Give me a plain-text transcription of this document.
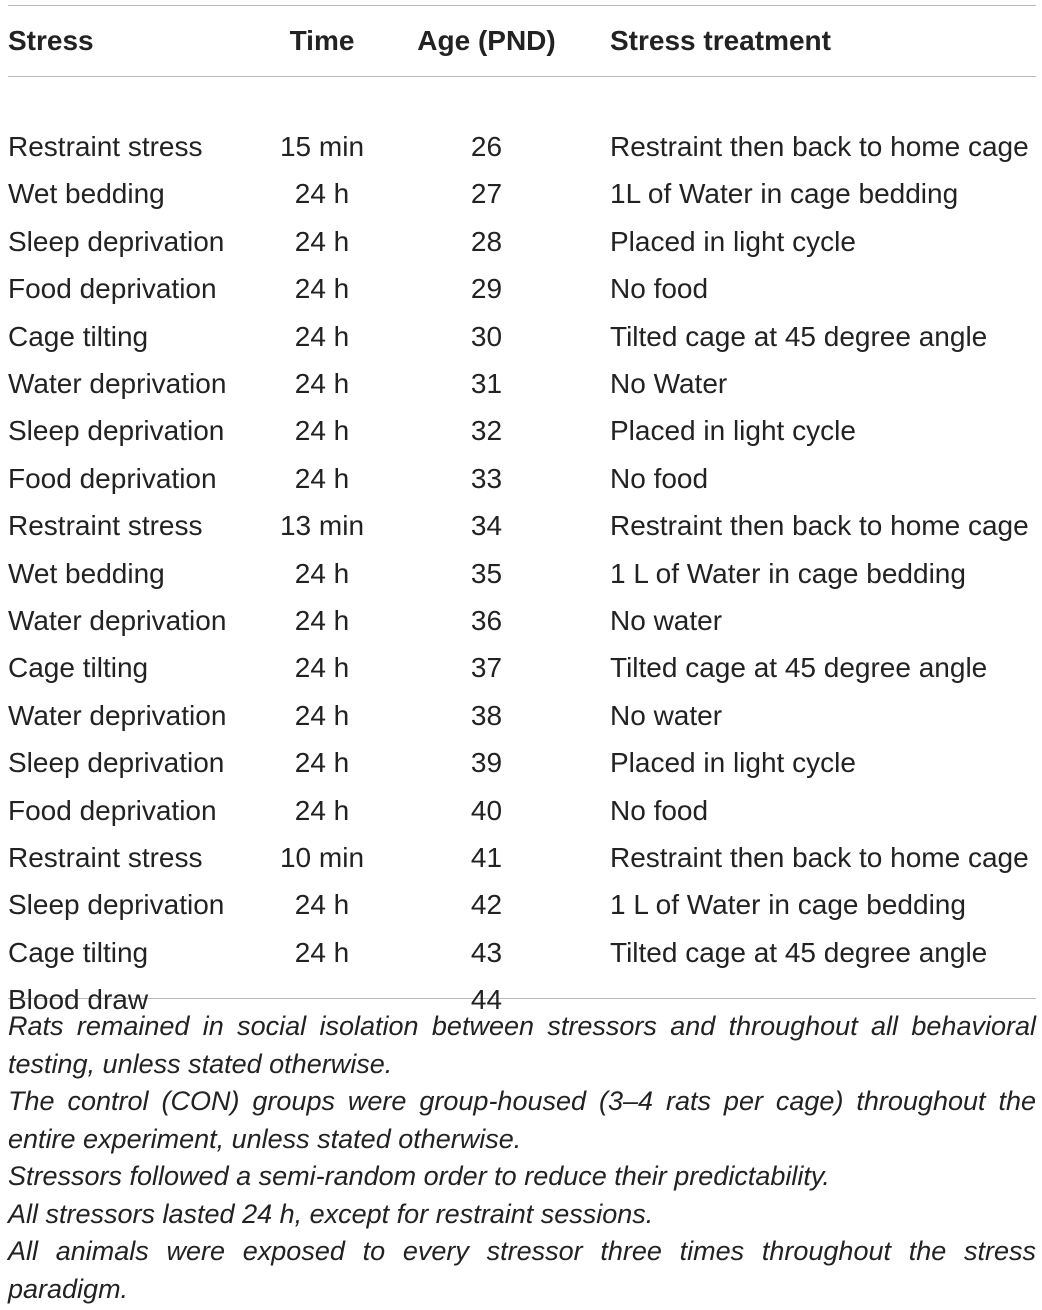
Stress	Time	Age (PND)	Stress treatment

Restraint stress	15 min	26	Restraint then back to home cage
Wet bedding	24 h	27	1L of Water in cage bedding
Sleep deprivation	24 h	28	Placed in light cycle
Food deprivation	24 h	29	No food
Cage tilting	24 h	30	Tilted cage at 45 degree angle
Water deprivation	24 h	31	No Water
Sleep deprivation	24 h	32	Placed in light cycle
Food deprivation	24 h	33	No food
Restraint stress	13 min	34	Restraint then back to home cage
Wet bedding	24 h	35	1 L of Water in cage bedding
Water deprivation	24 h	36	No water
Cage tilting	24 h	37	Tilted cage at 45 degree angle
Water deprivation	24 h	38	No water
Sleep deprivation	24 h	39	Placed in light cycle
Food deprivation	24 h	40	No food
Restraint stress	10 min	41	Restraint then back to home cage
Sleep deprivation	24 h	42	1 L of Water in cage bedding
Cage tilting	24 h	43	Tilted cage at 45 degree angle
Blood draw		44	

Rats remained in social isolation between stressors and throughout all behavioral testing, unless stated otherwise.

The control (CON) groups were group-housed (3–4 rats per cage) throughout the entire experiment, unless stated otherwise.

Stressors followed a semi-random order to reduce their predictability.

All stressors lasted 24 h, except for restraint sessions.

All animals were exposed to every stressor three times throughout the stress paradigm.
